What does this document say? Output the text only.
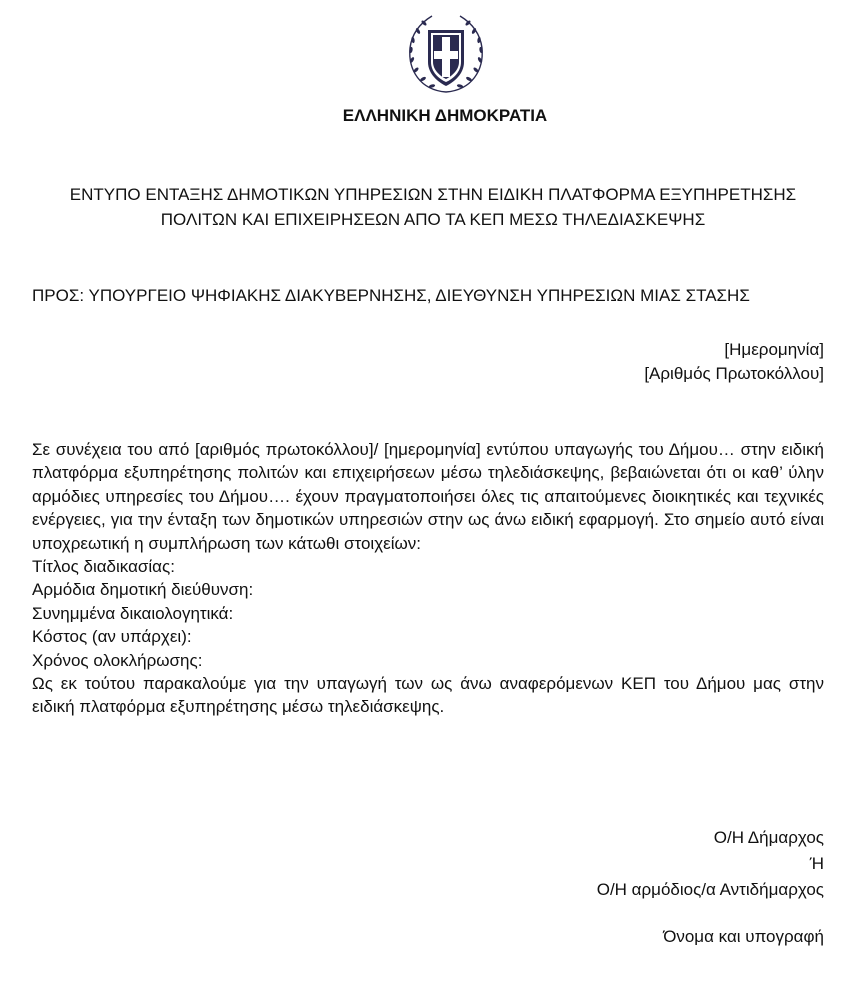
ΕΛΛΗΝΙΚΗ ΔΗΜΟΚΡΑΤΙΑ
ΕΝΤΥΠΟ ΕΝΤΑΞΗΣ ΔΗΜΟΤΙΚΩΝ ΥΠΗΡΕΣΙΩΝ ΣΤΗΝ ΕΙΔΙΚΗ ΠΛΑΤΦΟΡΜΑ ΕΞΥΠΗΡΕΤΗΣΗΣ
ΠΟΛΙΤΩΝ ΚΑΙ ΕΠΙΧΕΙΡΗΣΕΩΝ ΑΠΟ ΤΑ ΚΕΠ ΜΕΣΩ ΤΗΛΕΔΙΑΣΚΕΨΗΣ
ΠΡΟΣ: ΥΠΟΥΡΓΕΙΟ ΨΗΦΙΑΚΗΣ ΔΙΑΚΥΒΕΡΝΗΣΗΣ, ΔΙΕΥΘΥΝΣΗ ΥΠΗΡΕΣΙΩΝ ΜΙΑΣ ΣΤΑΣΗΣ
[Ημερομηνία]
[Αριθμός Πρωτοκόλλου]

Σε συνέχεια του από [αριθμός πρωτοκόλλου]/ [ημερομηνία] εντύπου υπαγωγής του Δήμου… στην ειδική πλατφόρμα εξυπηρέτησης πολιτών και επιχειρήσεων μέσω τηλεδιάσκεψης, βεβαιώνεται ότι οι καθ’ ύλην αρμόδιες υπηρεσίες του Δήμου…. έχουν πραγματοποιήσει όλες τις απαιτούμενες διοικητικές και τεχνικές ενέργειες, για την ένταξη των δημοτικών υπηρεσιών στην ως άνω ειδική εφαρμογή. Στο σημείο αυτό είναι υποχρεωτική η συμπλήρωση των κάτωθι στοιχείων:

Τίτλος διαδικασίας:
Αρμόδια δημοτική διεύθυνση:
Συνημμένα δικαιολογητικά:
Κόστος (αν υπάρχει):
Χρόνος ολοκλήρωσης:

Ως εκ τούτου παρακαλούμε για την υπαγωγή των ως άνω αναφερόμενων ΚΕΠ του Δήμου μας στην ειδική πλατφόρμα εξυπηρέτησης μέσω τηλεδιάσκεψης.

Ο/Η Δήμαρχος
Ή
Ο/Η αρμόδιος/α Αντιδήμαρχος
Όνομα και υπογραφή
